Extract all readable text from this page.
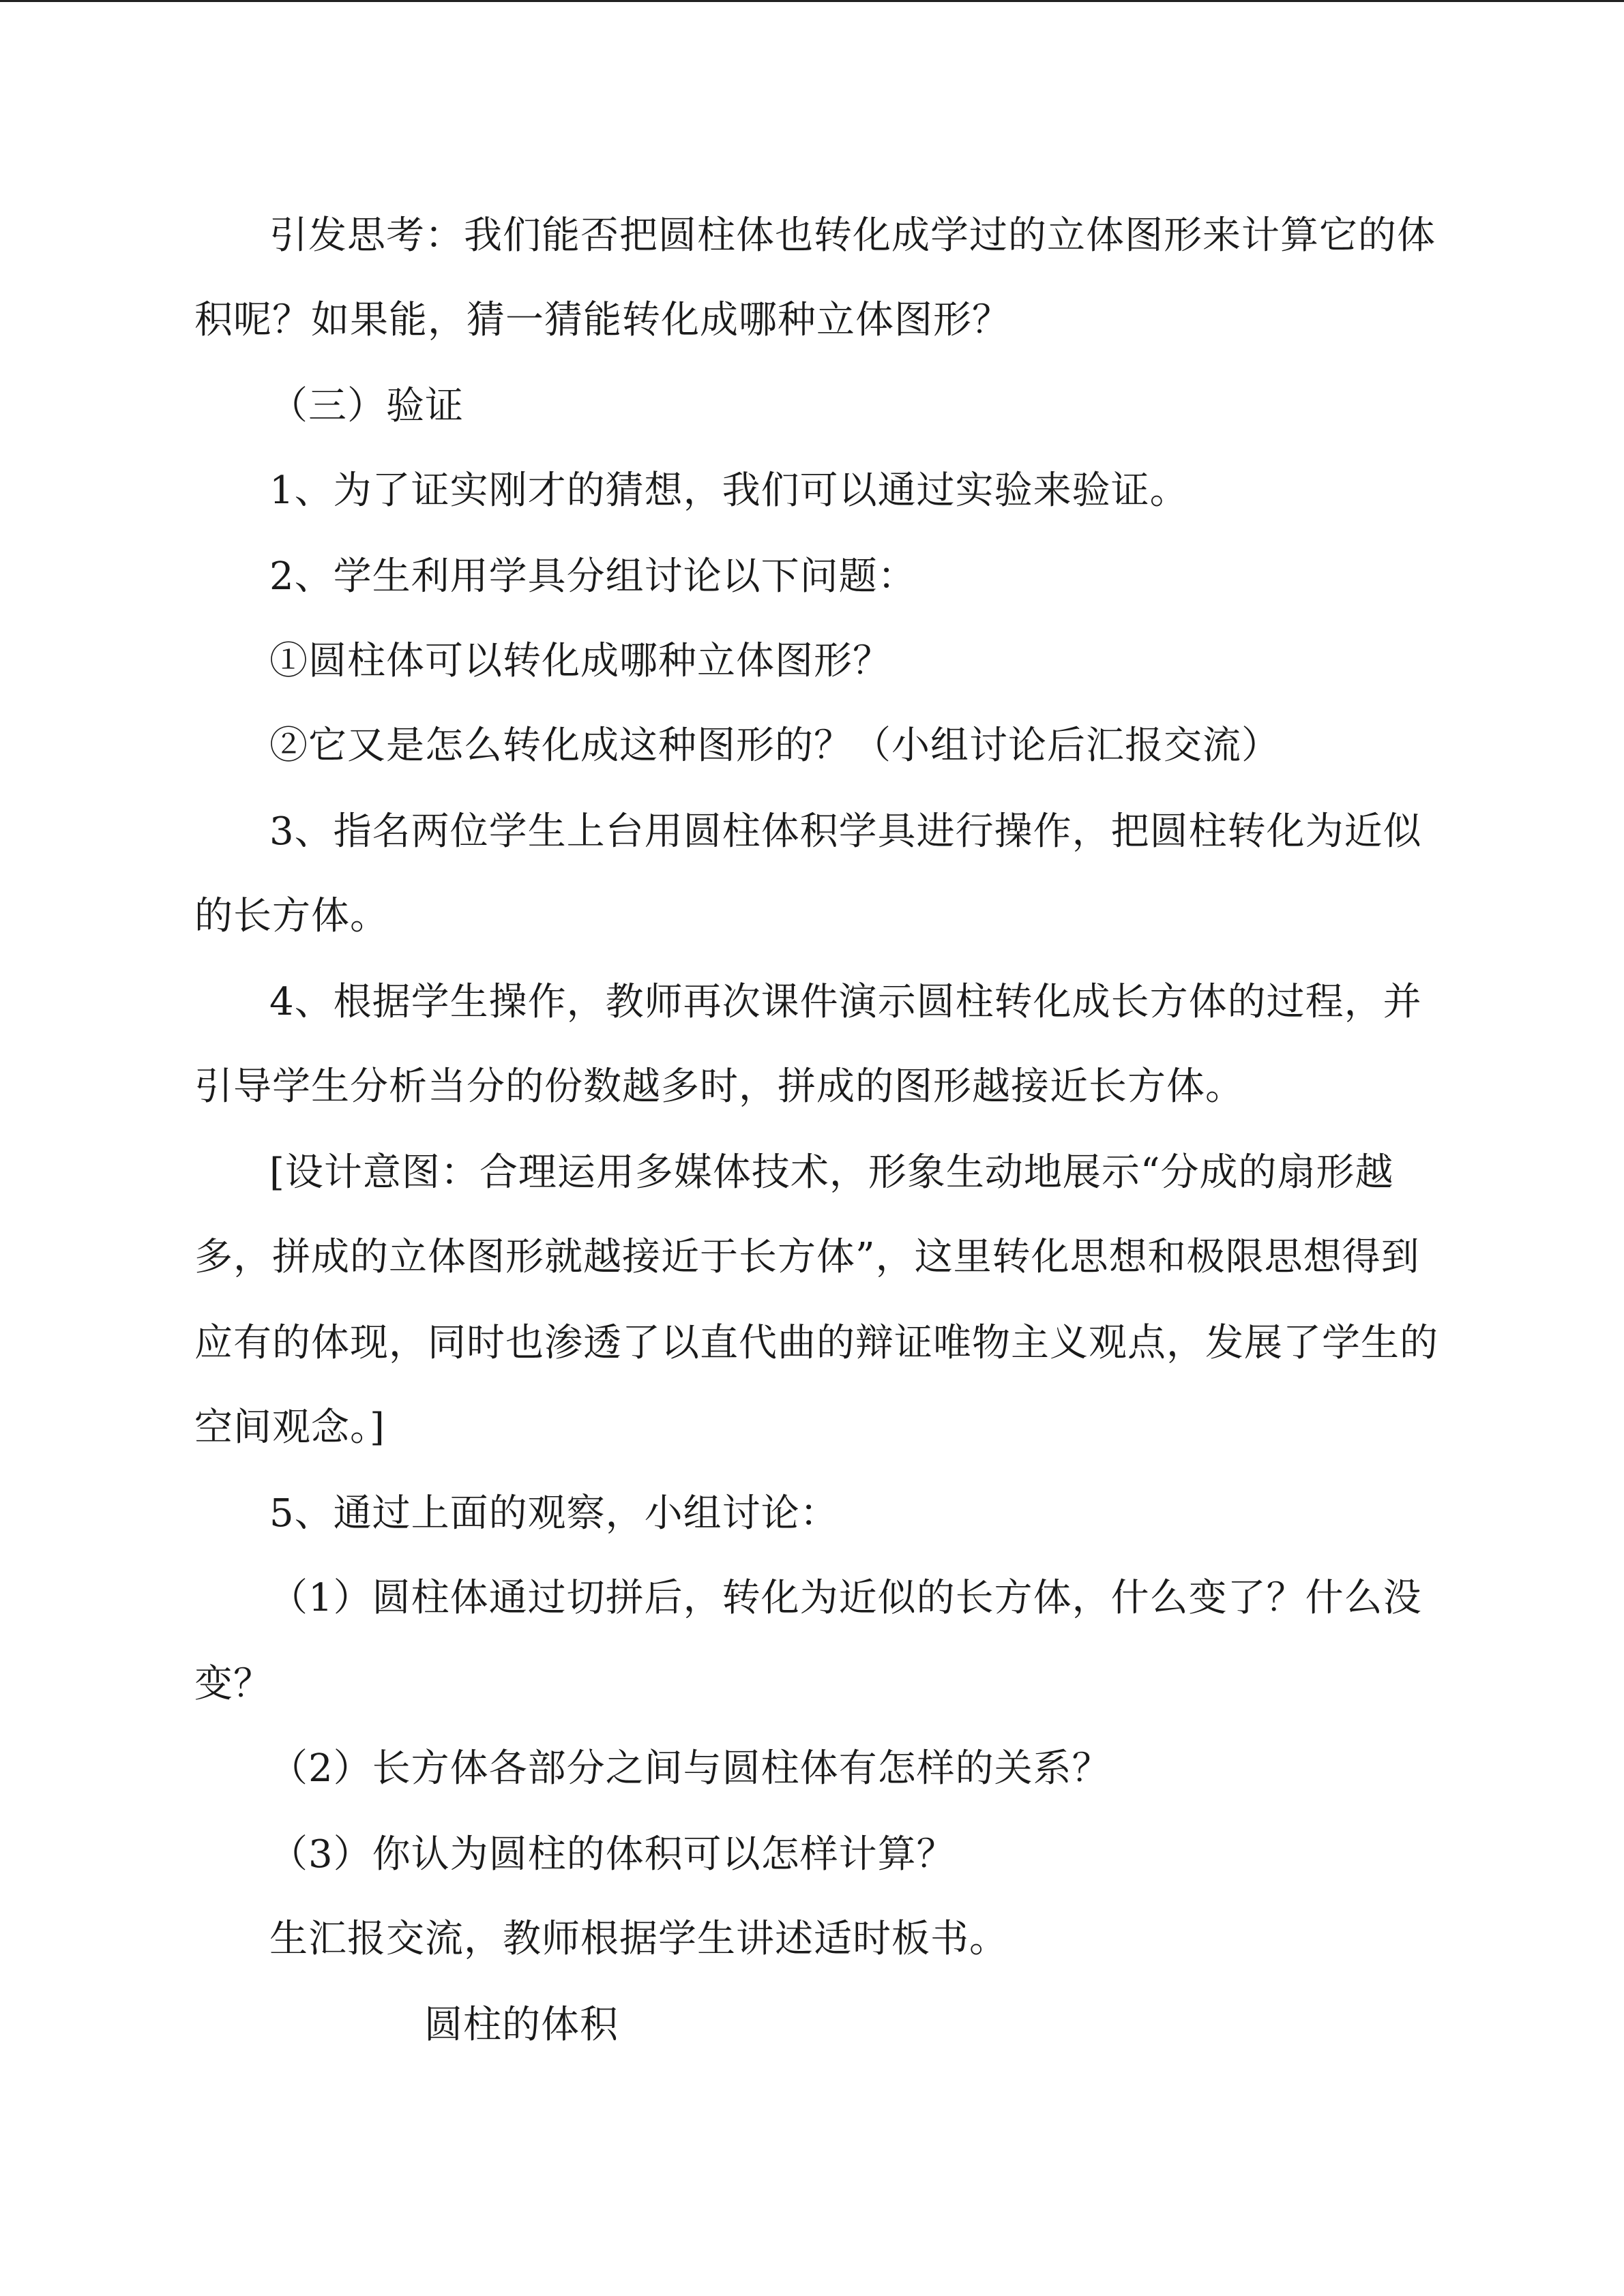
引发思考：我们能否把圆柱体也转化成学过的立体图形来计算它的体
积呢？如果能，猜一猜能转化成哪种立体图形？
（三）验证
1、为了证实刚才的猜想，我们可以通过实验来验证。
2、学生利用学具分组讨论以下问题：
①圆柱体可以转化成哪种立体图形？
②它又是怎么转化成这种图形的？（小组讨论后汇报交流）
3、指名两位学生上台用圆柱体积学具进行操作，把圆柱转化为近似
的长方体。
4、根据学生操作，教师再次课件演示圆柱转化成长方体的过程，并
引导学生分析当分的份数越多时，拼成的图形越接近长方体。
[设计意图：合理运用多媒体技术，形象生动地展示“分成的扇形越
多，拼成的立体图形就越接近于长方体”，这里转化思想和极限思想得到
应有的体现，同时也渗透了以直代曲的辩证唯物主义观点，发展了学生的
空间观念。]
5、通过上面的观察，小组讨论：
（1）圆柱体通过切拼后，转化为近似的长方体，什么变了？什么没
变？
（2）长方体各部分之间与圆柱体有怎样的关系？
（3）你认为圆柱的体积可以怎样计算？
生汇报交流，教师根据学生讲述适时板书。
圆柱的体积
